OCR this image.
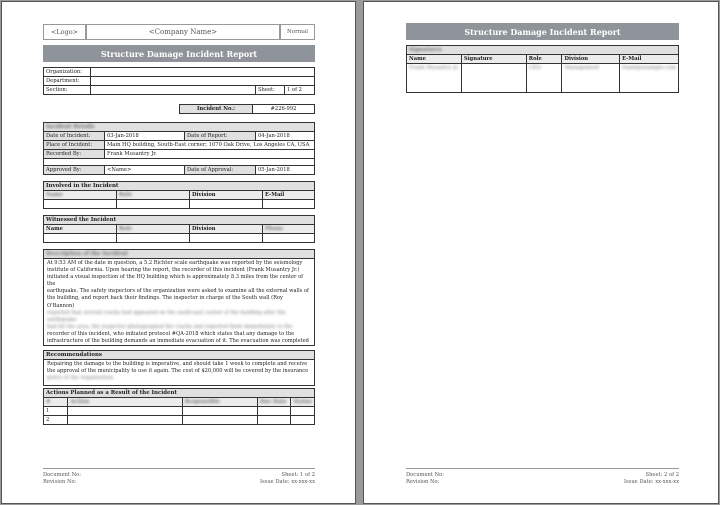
<Logo>	<Company Name>	Normal
Structure Damage Incident Report
Organization:			
Department:			
Section:		Sheet:	1 of 2
Incident No.:	#226-992
Incident Details			
Date of Incident:	03-Jan-2018	Date of Report:	04-Jan-2018
Place of Incident:	Main HQ building, South-East corner; 1070 Oak Drive, Los Angeles CA, USA		
Recorded By:	Frank Musantry Jr.		

Approved By:	<Name>	Date of Approval:	05-Jan-2018
Involved in the Incident			
Name	Role	Division	E-Mail

Witnessed the Incident			
Name	Role	Division	Phone

Description of the Incident
At 9:53 AM of the date in question, a 5.2 Richter scale earthquake was reported by the seismology
institute of California. Upon hearing the report, the recorder of this incident (Frank Musantry Jr.)
initiated a visual inspection of the HQ building which is approximately 8.3 miles from the center of the
earthquake. The safety inspectors of the organization were asked to examine all the external walls of
the building, and report back their findings. The inspector in charge of the South wall (Roy O'Bannon)
reported that several cracks had appeared on the south-east corner of the building after the earthquake
had hit the area; the inspector photographed the cracks and reported them immediately to the
recorder of this incident, who initiated protocol #QA-2018 which states that any damage to the
infrastructure of the building demands an immediate evacuation of it. The evacuation was completed
Recommendations
Repairing the damage to the building is imperative, and should take 1 week to complete and receive
the approval of the municipality to use it again. The cost of $20,000 will be covered by the insurance
policy of the organization.
Actions Planned as a Result of the Incident				
#	Action	Responsible	Due Date	Status
1				
2				
Document No:
Revision No:
Sheet: 1 of 2
Issue Date: xx-xxx-xx
Structure Damage Incident Report
Signatures				
Name	Signature	Role	Division	E-Mail
Frank Musantry Jr.		CEO	Management	frank@example.com
Document No:
Revision No:
Sheet: 2 of 2
Issue Date: xx-xxx-xx
